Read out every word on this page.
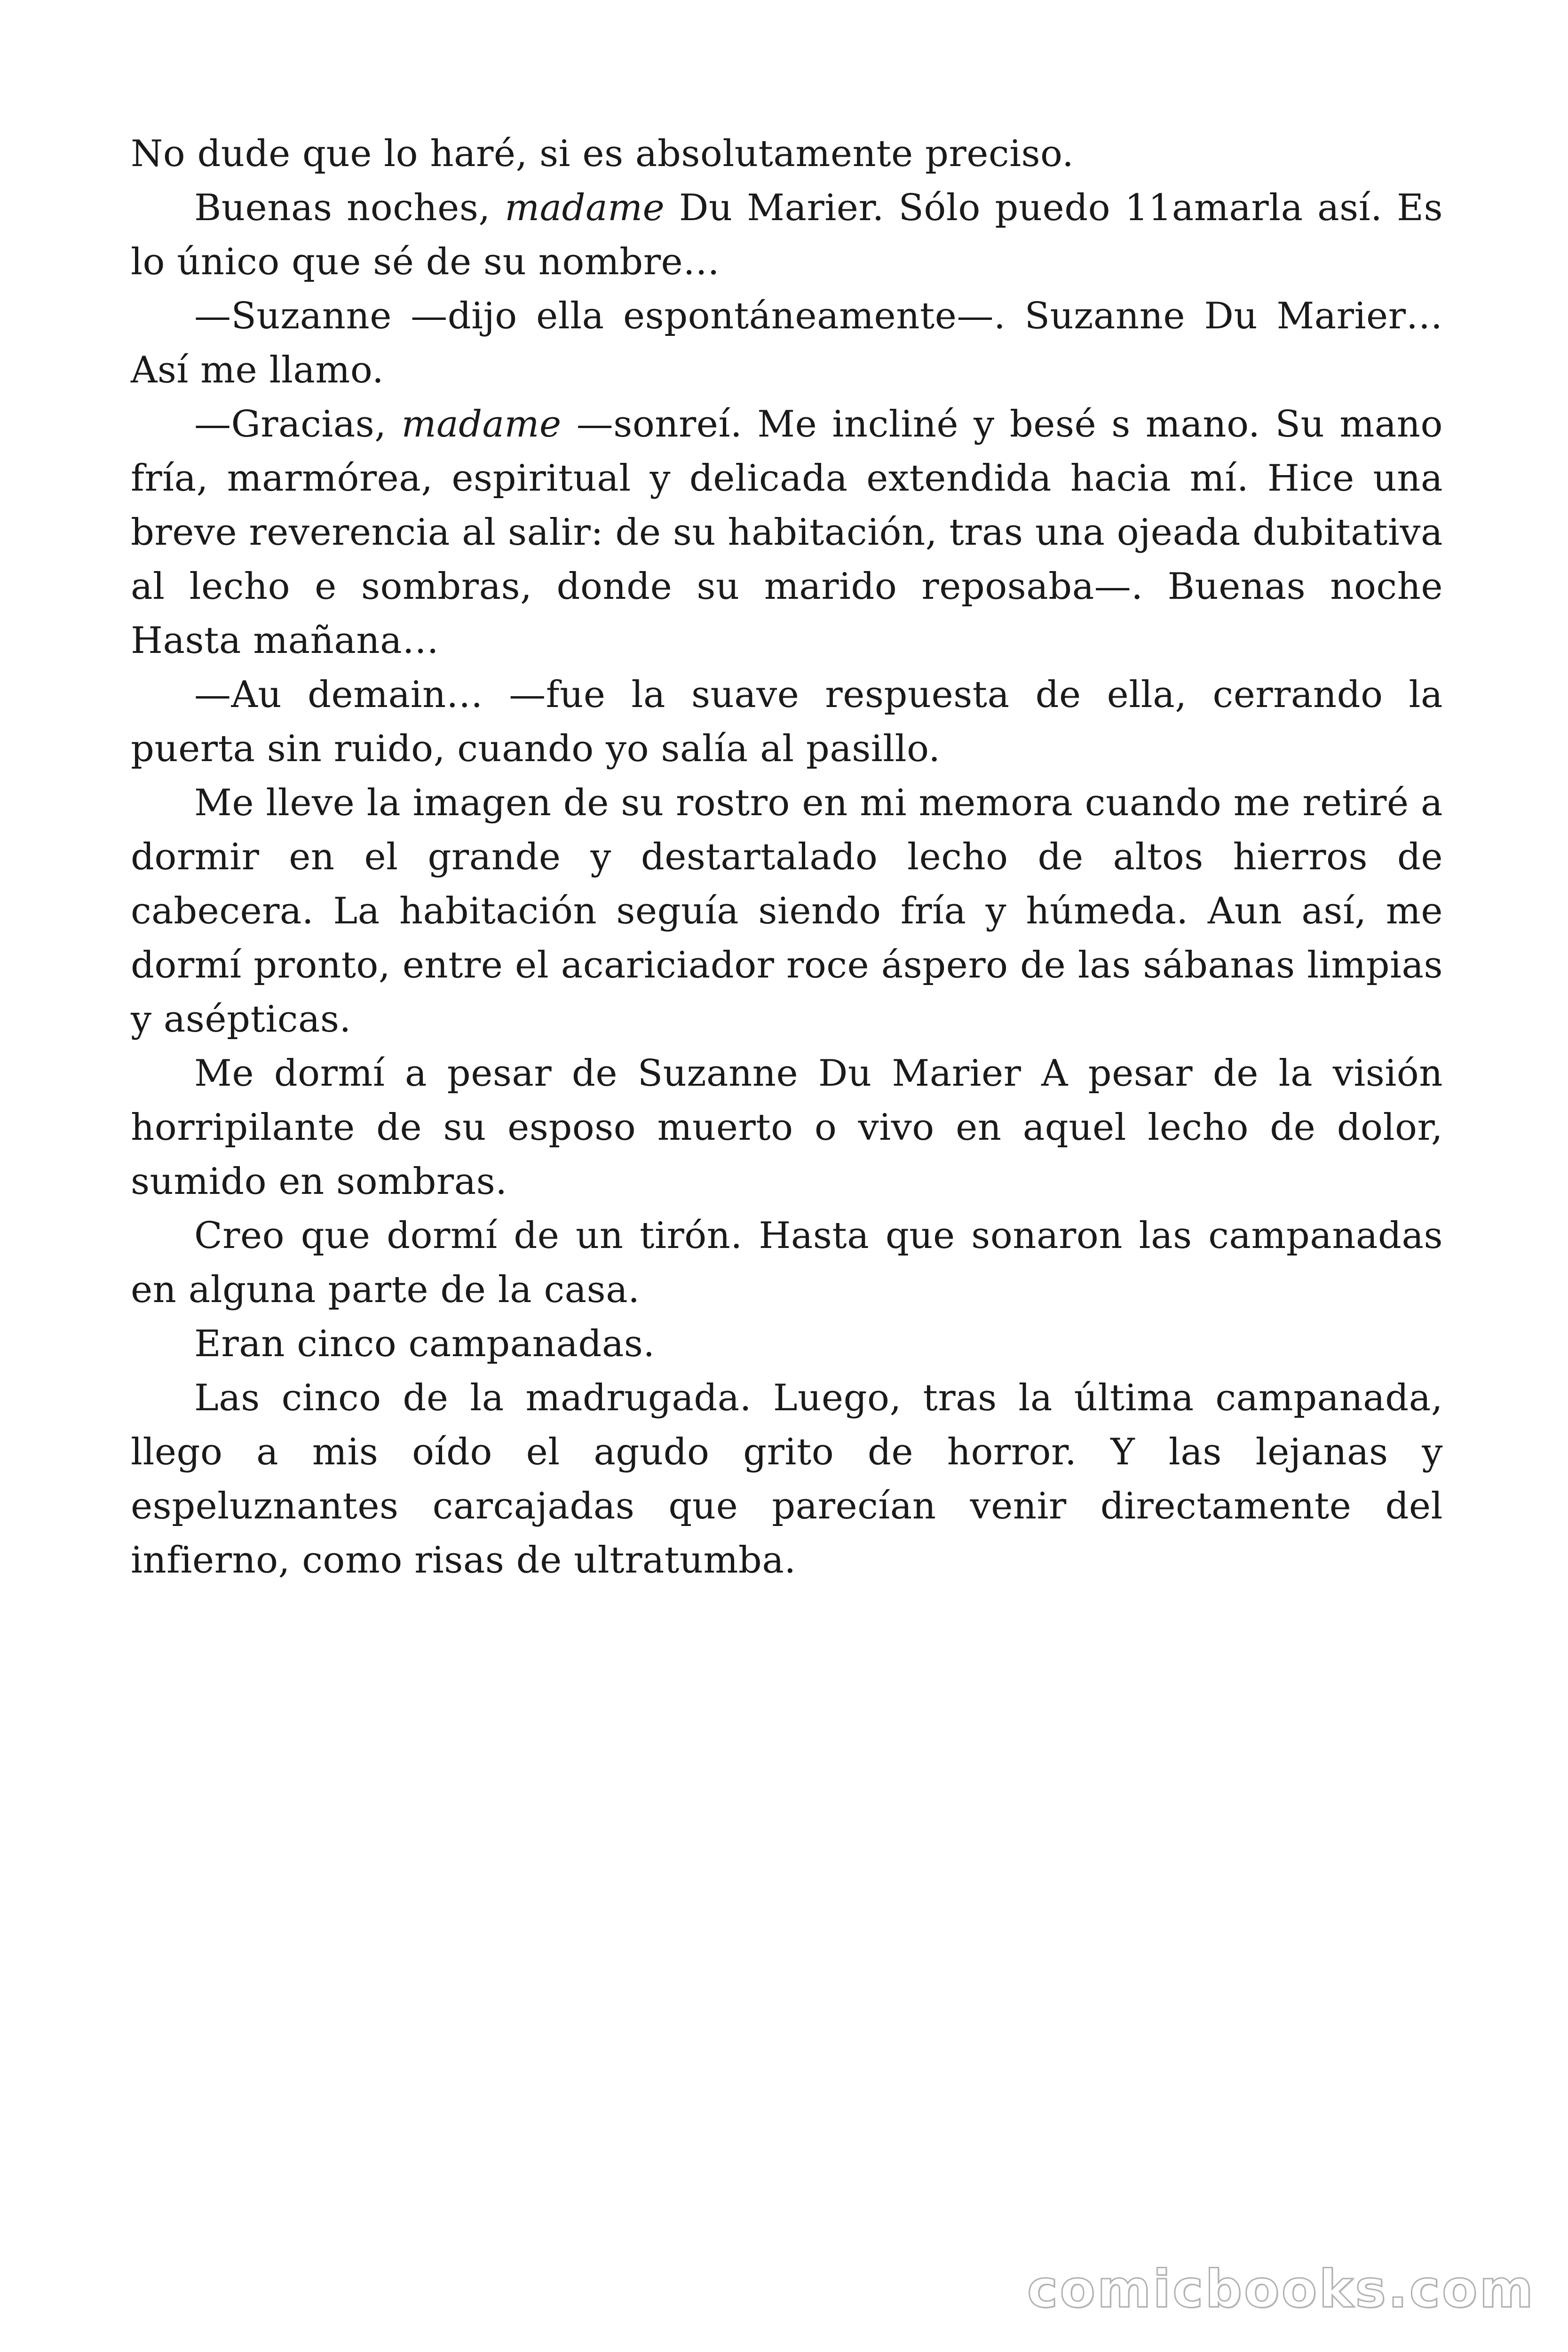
No dude que lo haré, si es absolutamente preciso.

Buenas noches, madame Du Marier. Sólo puedo 11amarla así. Es lo único que sé de su nombre…

—Suzanne —dijo ella espontáneamente—. Suzanne Du Marier… Así me llamo.

—Gracias, madame —sonreí. Me incliné y besé s mano. Su mano fría, marmórea, espiritual y delicada extendida hacia mí. Hice una breve reverencia al salir: de su habitación, tras una ojeada dubitativa al lecho e sombras, donde su marido reposaba—. Buenas noche Hasta mañana…

—Au demain… —fue la suave respuesta de ella, cerrando la puerta sin ruido, cuando yo salía al pasillo.

Me lleve la imagen de su rostro en mi memora cuando me retiré a dormir en el grande y destartalado lecho de altos hierros de cabecera. La habitación seguía siendo fría y húmeda. Aun así, me dormí pronto, entre el acariciador roce áspero de las sábanas limpias y asépticas.

Me dormí a pesar de Suzanne Du Marier A pesar de la visión horripilante de su esposo muerto o vivo en aquel lecho de dolor, sumido en sombras.

Creo que dormí de un tirón. Hasta que sonaron las campanadas en alguna parte de la casa.

Eran cinco campanadas.

Las cinco de la madrugada. Luego, tras la última campanada, llego a mis oído el agudo grito de horror. Y las lejanas y espeluznantes carcajadas que parecían venir directamente del infierno, como risas de ultratumba.

comicbooks.com
